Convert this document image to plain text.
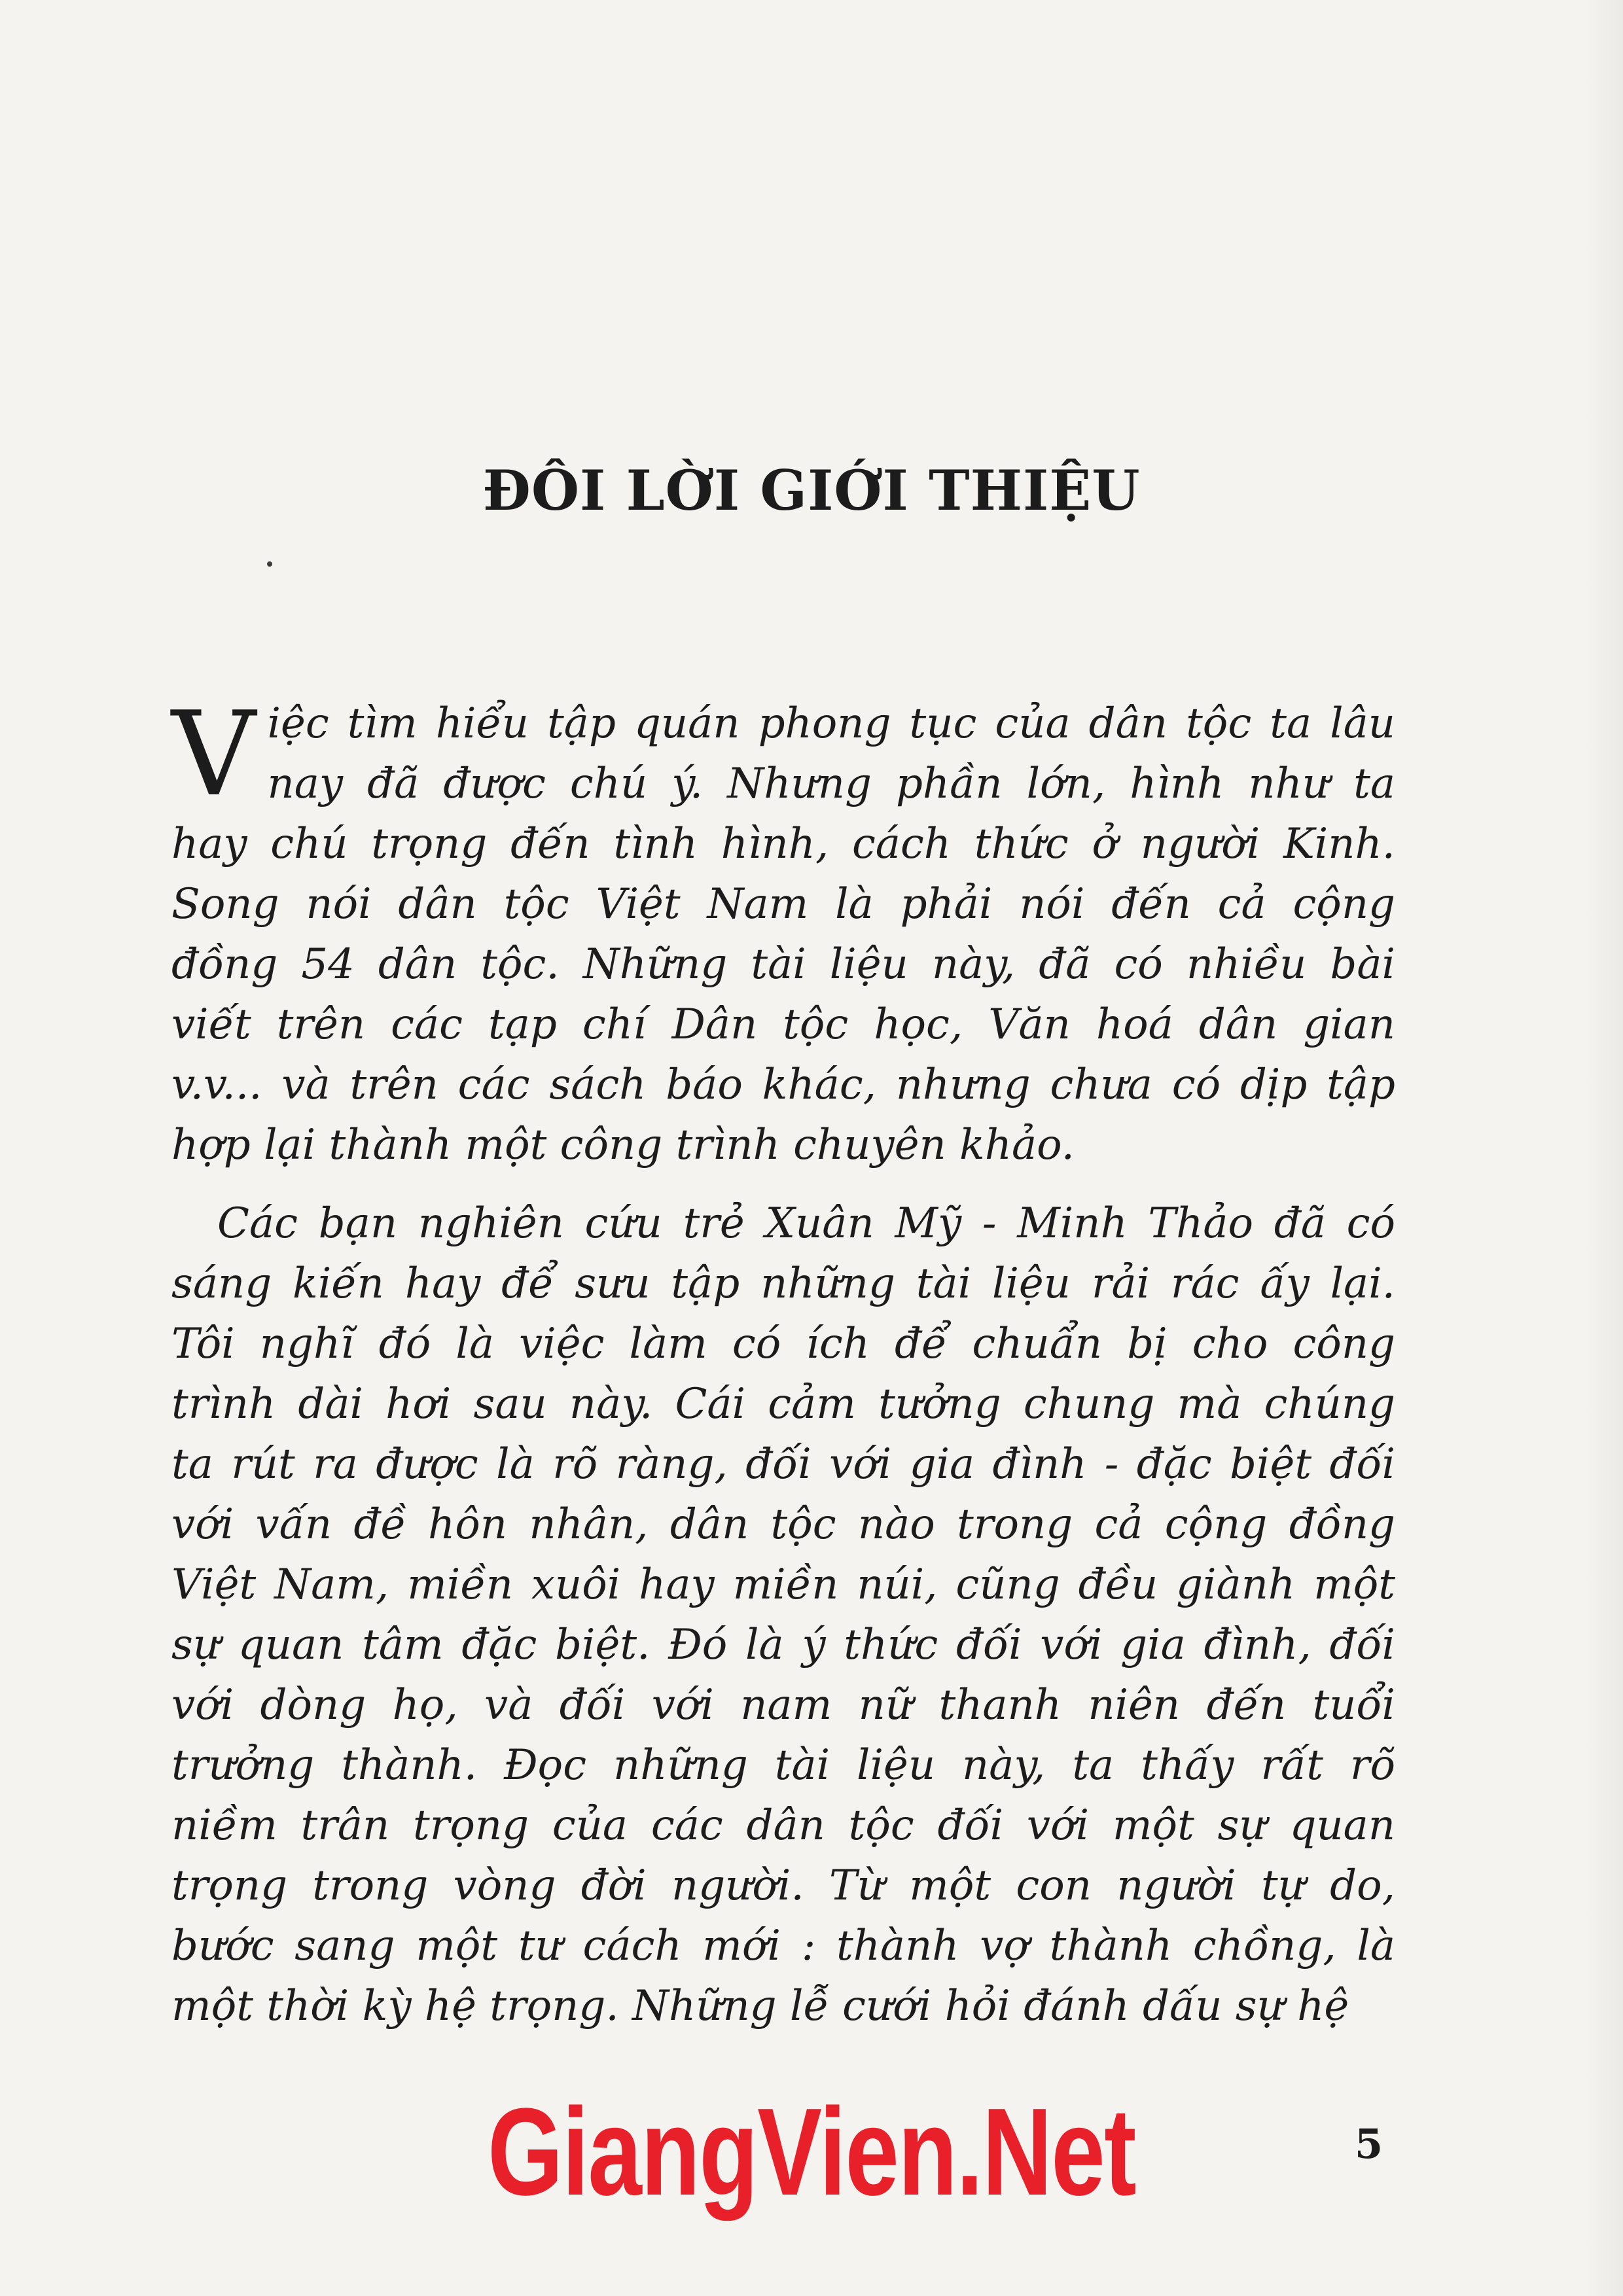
ĐÔI LỜI GIỚI THIỆU
V iệc tìm hiểu tập quán phong tục của dân tộc ta lâu
nay đã được chú ý. Nhưng phần lớn, hình như ta
hay chú trọng đến tình hình, cách thức ở người Kinh.
Song nói dân tộc Việt Nam là phải nói đến cả cộng
đồng 54 dân tộc. Những tài liệu này, đã có nhiều bài
viết trên các tạp chí Dân tộc học, Văn hoá dân gian
v.v... và trên các sách báo khác, nhưng chưa có dịp tập
hợp lại thành một công trình chuyên khảo.
Các bạn nghiên cứu trẻ Xuân Mỹ - Minh Thảo đã có
sáng kiến hay để sưu tập những tài liệu rải rác ấy lại.
Tôi nghĩ đó là việc làm có ích để chuẩn bị cho công
trình dài hơi sau này. Cái cảm tưởng chung mà chúng
ta rút ra được là rõ ràng, đối với gia đình - đặc biệt đối
với vấn đề hôn nhân, dân tộc nào trong cả cộng đồng
Việt Nam, miền xuôi hay miền núi, cũng đều giành một
sự quan tâm đặc biệt. Đó là ý thức đối với gia đình, đối
với dòng họ, và đối với nam nữ thanh niên đến tuổi
trưởng thành. Đọc những tài liệu này, ta thấy rất rõ
niềm trân trọng của các dân tộc đối với một sự quan
trọng trong vòng đời người. Từ một con người tự do,
bước sang một tư cách mới : thành vợ thành chồng, là
một thời kỳ hệ trọng. Những lễ cưới hỏi đánh dấu sự hệ
GiangVien.Net	5
